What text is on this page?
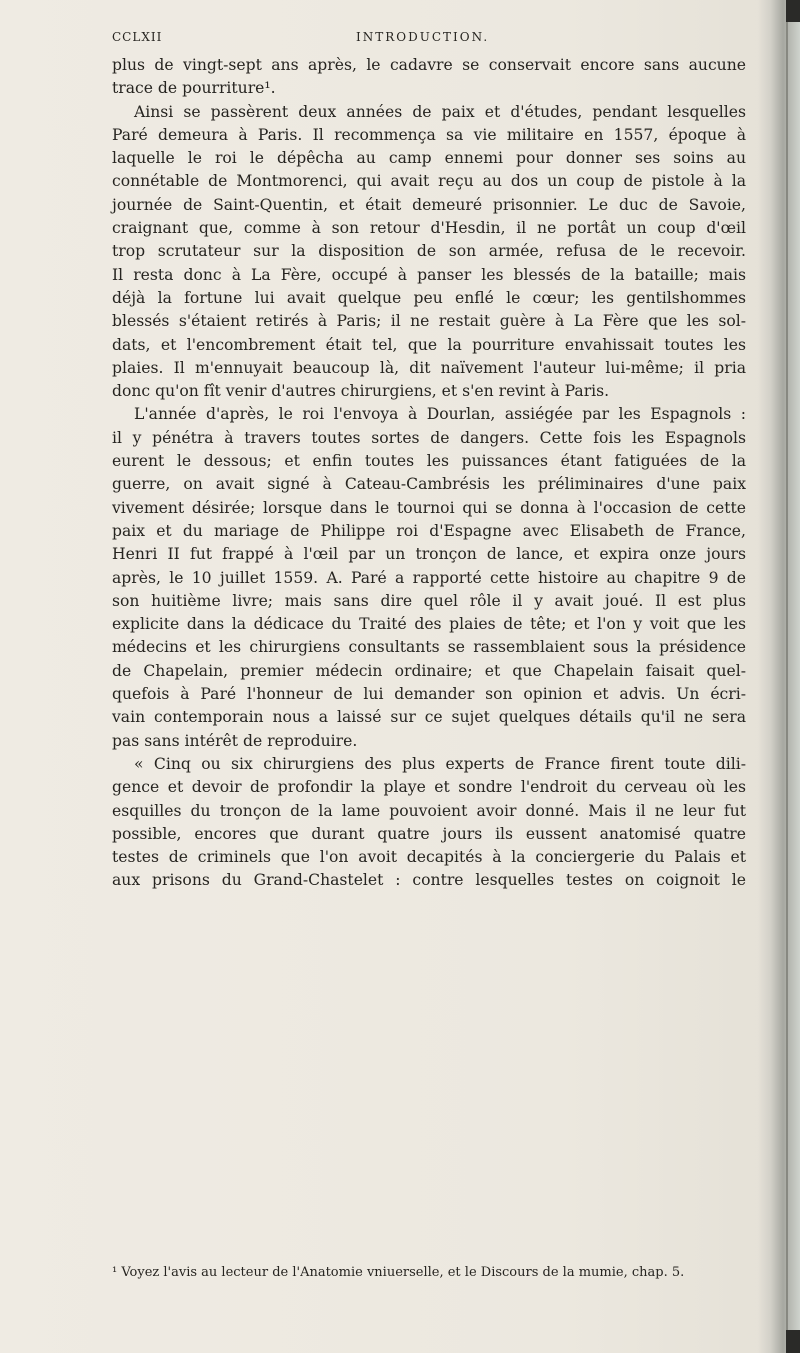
CCLXII	INTRODUCTION.
plus de vingt-sept ans après, le cadavre se conservait encore sans aucune
trace de pourriture¹.
Ainsi se passèrent deux années de paix et d'études, pendant lesquelles
Paré demeura à Paris. Il recommença sa vie militaire en 1557, époque à
laquelle le roi le dépêcha au camp ennemi pour donner ses soins au
connétable de Montmorenci, qui avait reçu au dos un coup de pistole à la
journée de Saint-Quentin, et était demeuré prisonnier. Le duc de Savoie,
craignant que, comme à son retour d'Hesdin, il ne portât un coup d'œil
trop scrutateur sur la disposition de son armée, refusa de le recevoir.
Il resta donc à La Fère, occupé à panser les blessés de la bataille; mais
déjà la fortune lui avait quelque peu enflé le cœur; les gentilshommes
blessés s'étaient retirés à Paris; il ne restait guère à La Fère que les sol-
dats, et l'encombrement était tel, que la pourriture envahissait toutes les
plaies. Il m'ennuyait beaucoup là, dit naïvement l'auteur lui-même; il pria
donc qu'on fît venir d'autres chirurgiens, et s'en revint à Paris.
L'année d'après, le roi l'envoya à Dourlan, assiégée par les Espagnols :
il y pénétra à travers toutes sortes de dangers. Cette fois les Espagnols
eurent le dessous; et enfin toutes les puissances étant fatiguées de la
guerre, on avait signé à Cateau-Cambrésis les préliminaires d'une paix
vivement désirée; lorsque dans le tournoi qui se donna à l'occasion de cette
paix et du mariage de Philippe roi d'Espagne avec Elisabeth de France,
Henri II fut frappé à l'œil par un tronçon de lance, et expira onze jours
après, le 10 juillet 1559. A. Paré a rapporté cette histoire au chapitre 9 de
son huitième livre; mais sans dire quel rôle il y avait joué. Il est plus
explicite dans la dédicace du Traité des plaies de tête; et l'on y voit que les
médecins et les chirurgiens consultants se rassemblaient sous la présidence
de Chapelain, premier médecin ordinaire; et que Chapelain faisait quel-
quefois à Paré l'honneur de lui demander son opinion et advis. Un écri-
vain contemporain nous a laissé sur ce sujet quelques détails qu'il ne sera
pas sans intérêt de reproduire.
« Cinq ou six chirurgiens des plus experts de France firent toute dili-
gence et devoir de profondir la playe et sondre l'endroit du cerveau où les
esquilles du tronçon de la lame pouvoient avoir donné. Mais il ne leur fut
possible, encores que durant quatre jours ils eussent anatomisé quatre
testes de criminels que l'on avoit decapités à la conciergerie du Palais et
aux prisons du Grand-Chastelet : contre lesquelles testes on coignoit le
¹ Voyez l'avis au lecteur de l'Anatomie vniuerselle, et le Discours de la mumie, chap. 5.
